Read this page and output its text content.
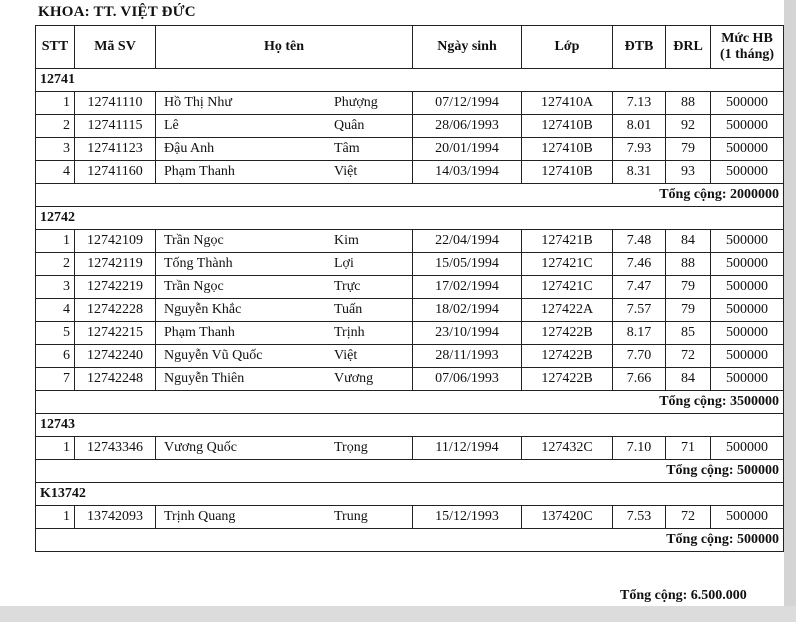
KHOA: TT. VIỆT ĐỨC
STT	Mã SV	Họ tên	Ngày sinh	Lớp	ĐTB	ĐRL	Mức HB
(1 tháng)
12741							
1	12741110	Hồ Thị Như Phượng	07/12/1994	127410A	7.13	88	500000
2	12741115	Lê Quân	28/06/1993	127410B	8.01	92	500000
3	12741123	Đậu Anh Tâm	20/01/1994	127410B	7.93	79	500000
4	12741160	Phạm Thanh Việt	14/03/1994	127410B	8.31	93	500000
Tổng cộng: 2000000							
12742							
1	12742109	Trần Ngọc Kim	22/04/1994	127421B	7.48	84	500000
2	12742119	Tống Thành Lợi	15/05/1994	127421C	7.46	88	500000
3	12742219	Trần Ngọc Trực	17/02/1994	127421C	7.47	79	500000
4	12742228	Nguyễn Khắc Tuấn	18/02/1994	127422A	7.57	79	500000
5	12742215	Phạm Thanh Trịnh	23/10/1994	127422B	8.17	85	500000
6	12742240	Nguyễn Vũ Quốc Việt	28/11/1993	127422B	7.70	72	500000
7	12742248	Nguyễn Thiên Vương	07/06/1993	127422B	7.66	84	500000
Tổng cộng: 3500000							
12743							
1	12743346	Vương Quốc Trọng	11/12/1994	127432C	7.10	71	500000
Tổng cộng: 500000							
K13742							
1	13742093	Trịnh Quang Trung	15/12/1993	137420C	7.53	72	500000
Tổng cộng: 500000							
Tổng cộng: 6.500.000
